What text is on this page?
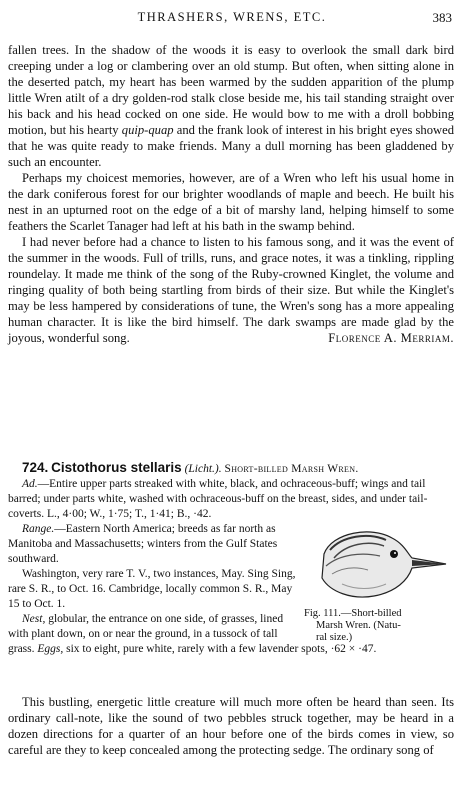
THRASHERS, WRENS, ETC.	383

fallen trees. In the shadow of the woods it is easy to overlook the small dark bird creeping under a log or clambering over an old stump. But often, when sitting alone in the deserted patch, my heart has been warmed by the sudden apparition of the plump little Wren atilt of a dry golden-rod stalk close beside me, his tail standing straight over his back and his head cocked on one side. He would bow to me with a droll bobbing motion, but his hearty quip-quap and the frank look of interest in his bright eyes showed that he was quite ready to make friends. Many a dull morning has been gladdened by such an encounter.

Perhaps my choicest memories, however, are of a Wren who left his usual home in the dark coniferous forest for our brighter woodlands of maple and beech. He built his nest in an upturned root on the edge of a bit of marshy land, helping himself to some feathers the Scarlet Tanager had left at his bath in the swamp behind.

I had never before had a chance to listen to his famous song, and it was the event of the summer in the woods. Full of trills, runs, and grace notes, it was a tinkling, rippling roundelay. It made me think of the song of the Ruby-crowned Kinglet, the volume and ringing quality of both being startling from birds of their size. But while the Kinglet's may be less hampered by considerations of tune, the Wren's song has a more appealing human character. It is like the bird himself. The dark swamps are made glad by the joyous, wonderful song.	Florence A. Merriam.

724. Cistothorus stellaris (Licht.). Short-billed Marsh Wren.

Ad.—Entire upper parts streaked with white, black, and ochraceous-buff; wings and tail barred; under parts white, washed with ochraceous-buff on the breast, sides, and under tail-coverts. L., 4·00; W., 1·75; T., 1·41; B., ·42.

Fig. 111.—Short-billed
Marsh Wren. (Natu-
ral size.)

Range.—Eastern North America; breeds as far north as Manitoba and Massachusetts; winters from the Gulf States southward.

Washington, very rare T. V., two instances, May. Sing Sing, rare S. R., to Oct. 16. Cambridge, locally common S. R., May 15 to Oct. 1.

Nest, globular, the entrance on one side, of grasses, lined with plant down, on or near the ground, in a tussock of tall grass. Eggs, six to eight, pure white, rarely with a few lavender spots, ·62 × ·47.

This bustling, energetic little creature will much more often be heard than seen. Its ordinary call-note, like the sound of two pebbles struck together, may be heard in a dozen directions for a quarter of an hour before one of the birds comes in view, so careful are they to keep concealed among the protecting sedge. The ordinary song of
